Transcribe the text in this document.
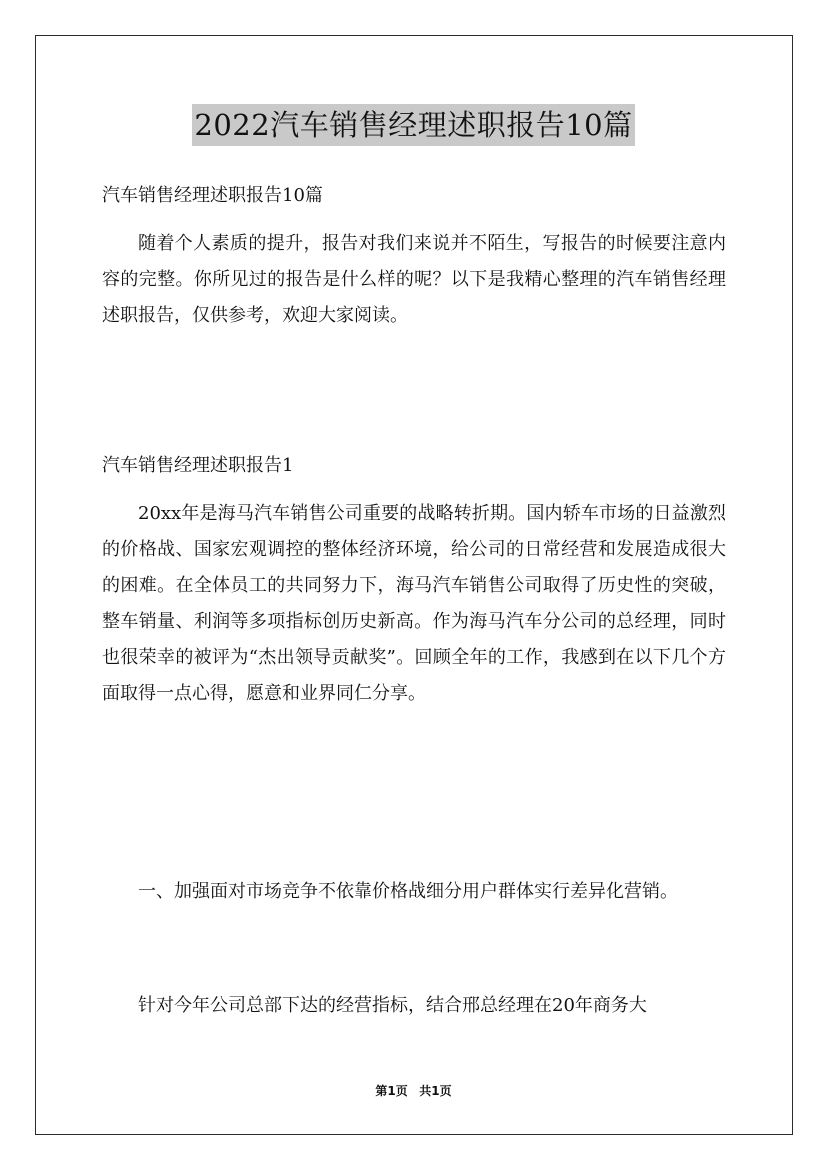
2022汽车销售经理述职报告10篇

汽车销售经理述职报告10篇

随着个人素质的提升，报告对我们来说并不陌生，写报告的时候要注意内容的完整。你所见过的报告是什么样的呢？以下是我精心整理的汽车销售经理述职报告，仅供参考，欢迎大家阅读。

汽车销售经理述职报告1

20xx年是海马汽车销售公司重要的战略转折期。国内轿车市场的日益激烈的价格战、国家宏观调控的整体经济环境，给公司的日常经营和发展造成很大的困难。在全体员工的共同努力下，海马汽车销售公司取得了历史性的突破，整车销量、利润等多项指标创历史新高。作为海马汽车分公司的总经理，同时也很荣幸的被评为“杰出领导贡献奖”。回顾全年的工作，我感到在以下几个方面取得一点心得，愿意和业界同仁分享。

一、加强面对市场竞争不依靠价格战细分用户群体实行差异化营销。

针对今年公司总部下达的经营指标，结合邢总经理在20年商务大

第1页 共1页
